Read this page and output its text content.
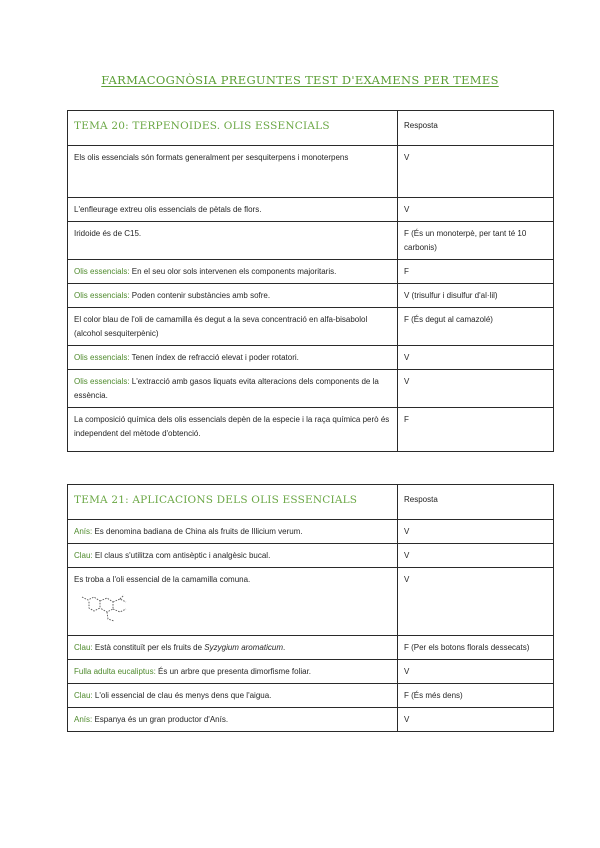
FARMACOGNÒSIA PREGUNTES TEST D'EXAMENS PER TEMES
TEMA 20: TERPENOIDES. OLIS ESSENCIALS	Resposta
Els olis essencials són formats generalment per sesquiterpens i monoterpens	V
L'enfleurage extreu olis essencials de pètals de flors.	V
Iridoide és de C15.	F (És un monoterpè, per tant té 10 carbonis)
Olis essencials: En el seu olor sols intervenen els components majoritaris.	F
Olis essencials: Poden contenir substàncies amb sofre.	V (trisulfur i disulfur d'al·lil)
El color blau de l'oli de camamilla és degut a la seva concentració en alfa-bisabolol (alcohol sesquiterpènic)	F (És degut al camazolé)
Olis essencials: Tenen índex de refracció elevat i poder rotatori.	V
Olis essencials: L'extracció amb gasos liquats evita alteracions dels components de la essència.	V
La composició química dels olis essencials depèn de la especie i la raça química però és independent del mètode d'obtenció.	F
TEMA 21: APLICACIONS DELS OLIS ESSENCIALS	Resposta
Anís: Es denomina badiana de China als fruits de Illicium verum.	V
Clau: El claus s'utilitza com antisèptic i analgèsic bucal.	V
Es troba a l'oli essencial de la camamilla comuna.	V
Clau: Està constituït per els fruits de Syzygium aromaticum.	F (Per els botons florals dessecats)
Fulla adulta eucaliptus: És un arbre que presenta dimorfisme foliar.	V
Clau: L'oli essencial de clau és menys dens que l'aigua.	F (És més dens)
Anís: Espanya és un gran productor d'Anís.	V
